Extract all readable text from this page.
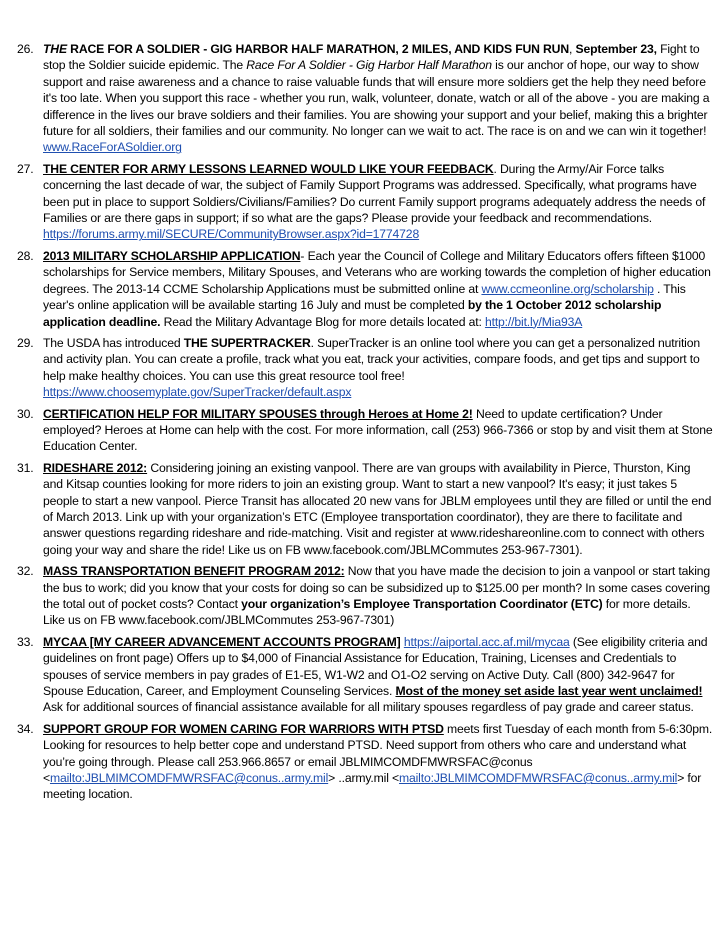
26. THE RACE FOR A SOLDIER - GIG HARBOR HALF MARATHON, 2 MILES, AND KIDS FUN RUN, September 23, Fight to stop the Soldier suicide epidemic. The Race For A Soldier - Gig Harbor Half Marathon is our anchor of hope, our way to show support and raise awareness and a chance to raise valuable funds that will ensure more soldiers get the help they need before it's too late. When you support this race - whether you run, walk, volunteer, donate, watch or all of the above - you are making a difference in the lives our brave soldiers and their families. You are showing your support and your belief, making this a brighter future for all soldiers, their families and our community. No longer can we wait to act. The race is on and we can win it together! www.RaceForASoldier.org
27. THE CENTER FOR ARMY LESSONS LEARNED WOULD LIKE YOUR FEEDBACK. During the Army/Air Force talks concerning the last decade of war, the subject of Family Support Programs was addressed. Specifically, what programs have been put in place to support Soldiers/Civilians/Families? Do current Family support programs adequately address the needs of Families or are there gaps in support; if so what are the gaps? Please provide your feedback and recommendations. https://forums.army.mil/SECURE/CommunityBrowser.aspx?id=1774728
28. 2013 MILITARY SCHOLARSHIP APPLICATION- Each year the Council of College and Military Educators offers fifteen $1000 scholarships for Service members, Military Spouses, and Veterans who are working towards the completion of higher education degrees. The 2013-14 CCME Scholarship Applications must be submitted online at www.ccmeonline.org/scholarship . This year's online application will be available starting 16 July and must be completed by the 1 October 2012 scholarship application deadline. Read the Military Advantage Blog for more details located at: http://bit.ly/Mia93A
29. The USDA has introduced THE SUPERTRACKER. SuperTracker is an online tool where you can get a personalized nutrition and activity plan. You can create a profile, track what you eat, track your activities, compare foods, and get tips and support to help make healthy choices. You can use this great resource tool free! https://www.choosemyplate.gov/SuperTracker/default.aspx
30. CERTIFICATION HELP FOR MILITARY SPOUSES through Heroes at Home 2! Need to update certification? Under employed? Heroes at Home can help with the cost. For more information, call (253) 966-7366 or stop by and visit them at Stone Education Center.
31. RIDESHARE 2012: Considering joining an existing vanpool. There are van groups with availability in Pierce, Thurston, King and Kitsap counties looking for more riders to join an existing group. Want to start a new vanpool? It's easy; it just takes 5 people to start a new vanpool. Pierce Transit has allocated 20 new vans for JBLM employees until they are filled or until the end of March 2013. Link up with your organization’s ETC (Employee transportation coordinator), they are there to facilitate and answer questions regarding rideshare and ride-matching. Visit and register at www.rideshareonline.com to connect with others going your way and share the ride! Like us on FB www.facebook.com/JBLMCommutes 253-967-7301).
32. MASS TRANSPORTATION BENEFIT PROGRAM 2012: Now that you have made the decision to join a vanpool or start taking the bus to work; did you know that your costs for doing so can be subsidized up to $125.00 per month? In some cases covering the total out of pocket costs? Contact your organization’s Employee Transportation Coordinator (ETC) for more details. Like us on FB www.facebook.com/JBLMCommutes 253-967-7301)
33. MYCAA [MY CAREER ADVANCEMENT ACCOUNTS PROGRAM] https://aiportal.acc.af.mil/mycaa (See eligibility criteria and guidelines on front page) Offers up to $4,000 of Financial Assistance for Education, Training, Licenses and Credentials to spouses of service members in pay grades of E1-E5, W1-W2 and O1-O2 serving on Active Duty. Call (800) 342-9647 for Spouse Education, Career, and Employment Counseling Services. Most of the money set aside last year went unclaimed! Ask for additional sources of financial assistance available for all military spouses regardless of pay grade and career status.
34. SUPPORT GROUP FOR WOMEN CARING FOR WARRIORS WITH PTSD meets first Tuesday of each month from 5-6:30pm. Looking for resources to help better cope and understand PTSD. Need support from others who care and understand what you’re going through. Please call 253.966.8657 or email JBLMIMCOMDFMWRSFAC@conus <mailto:JBLMIMCOMDFMWRSFAC@conus..army.mil> ..army.mil <mailto:JBLMIMCOMDFMWRSFAC@conus..army.mil> for meeting location.
